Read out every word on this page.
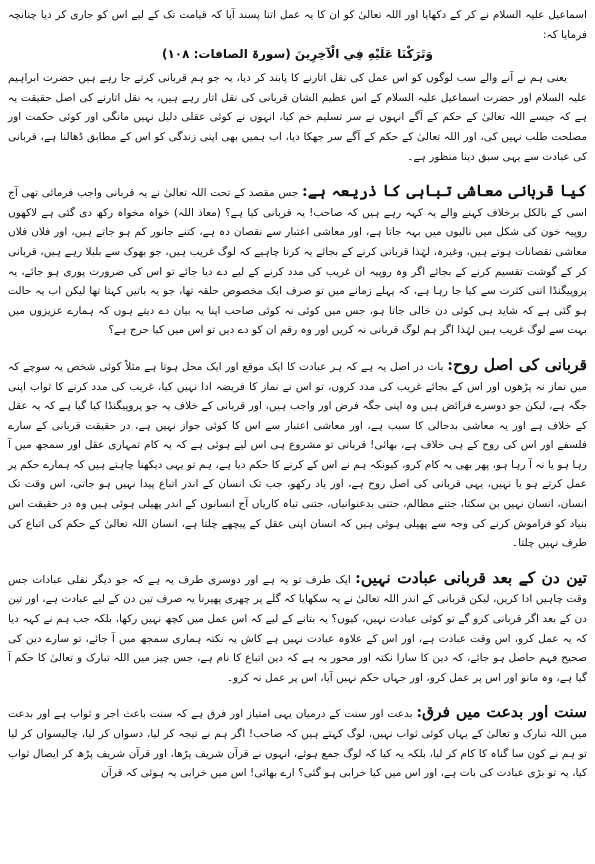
اسماعیل علیہ السلام نے کر کے دکھایا اور اللہ تعالیٰ کو ان کا یہ عمل اتنا پسند آیا کہ قیامت تک کے لیے اس کو جاری کر دیا چنانچہ فرمایا کہ:

وَتَرَكْنَا عَلَيْهِ فِي الْآخِرِينَ (سورۃ الصافات: ۱۰۸)

یعنی ہم نے آنے والے سب لوگوں کو اس عمل کی نقل اتارنے کا پابند کر دیا، یہ جو ہم قربانی کرتے جا رہے ہیں حضرت ابراہیم علیہ السلام اور حضرت اسماعیل علیہ السلام کے اس عظیم الشان قربانی کی نقل اتار رہے ہیں، یہ نقل اتارنے کی اصل حقیقت یہ ہے کہ جیسے اللہ تعالیٰ کے حکم کے آگے انہوں نے سر تسلیم خم کیا، انہوں نے کوئی عقلی دلیل نہیں مانگی اور کوئی حکمت اور مصلحت طلب نہیں کی، اور اللہ تعالیٰ کے حکم کے آگے سر جھکا دیا، اب ہمیں بھی اپنی زندگی کو اس کے مطابق ڈھالنا ہے، قربانی کی عبادت سے یہی سبق دینا منظور ہے۔

کیا قربانی معاشی تباہی کا ذریعہ ہے: جس مقصد کے تحت اللہ تعالیٰ نے یہ قربانی واجب فرمائی تھی آج اسی کے بالکل برخلاف کہنے والے یہ کہہ رہے ہیں کہ صاحب! یہ قربانی کیا ہے؟ (معاذ اللہ) خواہ مخواہ رکھ دی گئی ہے لاکھوں روپیہ خون کی شکل میں نالیوں میں بہہ جاتا ہے، اور معاشی اعتبار سے نقصان دہ ہے، کتنے جانور کم ہو جاتے ہیں، اور فلاں فلاں معاشی نقصانات ہوتے ہیں، وغیرہ، لہٰذا قربانی کرنے کے بجائے یہ کرنا چاہیے کہ لوگ غریب ہیں، جو بھوک سے بلبلا رہے ہیں، قربانی کر کے گوشت تقسیم کرنے کے بجائے اگر وہ روپیہ ان غریب کی مدد کرنے کے لیے دے دیا جائے تو اس کی ضرورت پوری ہو جائے، یہ پروپیگنڈا اتنی کثرت سے کیا جا رہا ہے، کہ پہلے زمانے میں تو صرف ایک مخصوص حلقہ تھا، جو یہ باتیں کہتا تھا لیکن اب یہ حالت ہو گئی ہے کہ شاید ہی کوئی دن خالی جاتا ہو، جس میں کوئی نہ کوئی صاحب اپنا یہ بیان دے دیتے ہوں کہ ہمارے عزیزوں میں بہت سے لوگ غریب ہیں لہٰذا اگر ہم لوگ قربانی نہ کریں اور وہ رقم ان کو دے دیں تو اس میں کیا حرج ہے؟

قربانی کی اصل روح: بات در اصل یہ ہے کہ ہر عبادت کا ایک موقع اور ایک محل ہوتا ہے مثلاً کوئی شخص یہ سوچے کہ میں نماز نہ پڑھوں اور اس کے بجائے غریب کی مدد کروں، تو اس نے نماز کا فریضہ ادا نہیں کیا، غریب کی مدد کرنے کا ثواب اپنی جگہ ہے، لیکن جو دوسرے فرائض ہیں وہ اپنی جگہ فرض اور واجب ہیں، اور قربانی کے خلاف یہ جو پروپیگنڈا کیا گیا ہے کہ یہ عقل کے خلاف ہے اور یہ معاشی بدحالی کا سبب ہے، اور معاشی اعتبار سے اس کا کوئی جواز نہیں ہے، در حقیقت قربانی کے سارے فلسفے اور اس کی روح کے ہی خلاف ہے، بھائی! قربانی تو مشروع ہی اس لیے ہوئی ہے کہ یہ کام تمہاری عقل اور سمجھ میں آ رہا ہو یا نہ آ رہا ہو، پھر بھی یہ کام کرو، کیونکہ ہم نے اس کے کرنے کا حکم دیا ہے، ہم تو یہی دیکھنا چاہتے ہیں کہ ہمارے حکم پر عمل کرتے ہو یا نہیں، یہی قربانی کی اصل روح ہے، اور یاد رکھو، جب تک انسان کے اندر اتباع پیدا نہیں ہو جاتی، اس وقت تک انسان، انسان نہیں بن سکتا، جتنے مظالم، جتنی بدعنوانیاں، جتنی تباہ کاریاں آج انسانوں کے اندر پھیلی ہوئی ہیں وہ در حقیقت اس بنیاد کو فراموش کرنے کی وجہ سے پھیلی ہوئی ہیں کہ انسان اپنی عقل کے پیچھے چلتا ہے، انسان اللہ تعالیٰ کے حکم کی اتباع کی طرف نہیں چلتا۔

تین دن کے بعد قربانی عبادت نہیں: ایک طرف تو یہ ہے اور دوسری طرف یہ ہے کہ جو دیگر نفلی عبادات جس وقت چاہیں ادا کریں، لیکن قربانی کے اندر اللہ تعالیٰ نے یہ سکھایا کہ گلے پر چھری پھیرنا یہ صرف تین دن کے لیے عبادت ہے، اور تین دن کے بعد اگر قربانی کرو گے تو کوئی عبادت نہیں، کیوں؟ یہ بتانے کے لیے کہ اس عمل میں کچھ نہیں رکھا، بلکہ جب ہم نے کہہ دیا کہ یہ عمل کرو، اس وقت عبادت ہے، اور اس کے علاوہ عبادت نہیں ہے کاش یہ نکتہ ہماری سمجھ میں آ جائے، تو سارے دین کی صحیح فہم حاصل ہو جائے، کہ دین کا سارا نکتہ اور محور یہ ہے کہ دین اتباع کا نام ہے، جس چیز میں اللہ تبارک و تعالیٰ کا حکم آ گیا ہے، وہ مانو اور اس پر عمل کرو، اور جہاں حکم نہیں آیا، اس پر عمل نہ کرو۔

سنت اور بدعت میں فرق: بدعت اور سنت کے درمیان یہی امتیاز اور فرق ہے کہ سنت باعث اجر و ثواب ہے اور بدعت میں اللہ تبارک و تعالیٰ کے یہاں کوئی ثواب نہیں، لوگ کہتے ہیں کہ صاحب! اگر ہم نے تیجہ کر لیا، دسواں کر لیا، چالیسواں کر لیا تو ہم نے کون سا گناہ کا کام کر لیا، بلکہ یہ کیا کہ لوگ جمع ہوئے، انہوں نے قرآن شریف پڑھا، اور قرآن شریف پڑھ کر ایصال ثواب کیا، یہ تو بڑی عبادت کی بات ہے، اور اس میں کیا خرابی ہو گئی؟ ارے بھائی! اس میں خرابی یہ ہوئی کہ قرآن
